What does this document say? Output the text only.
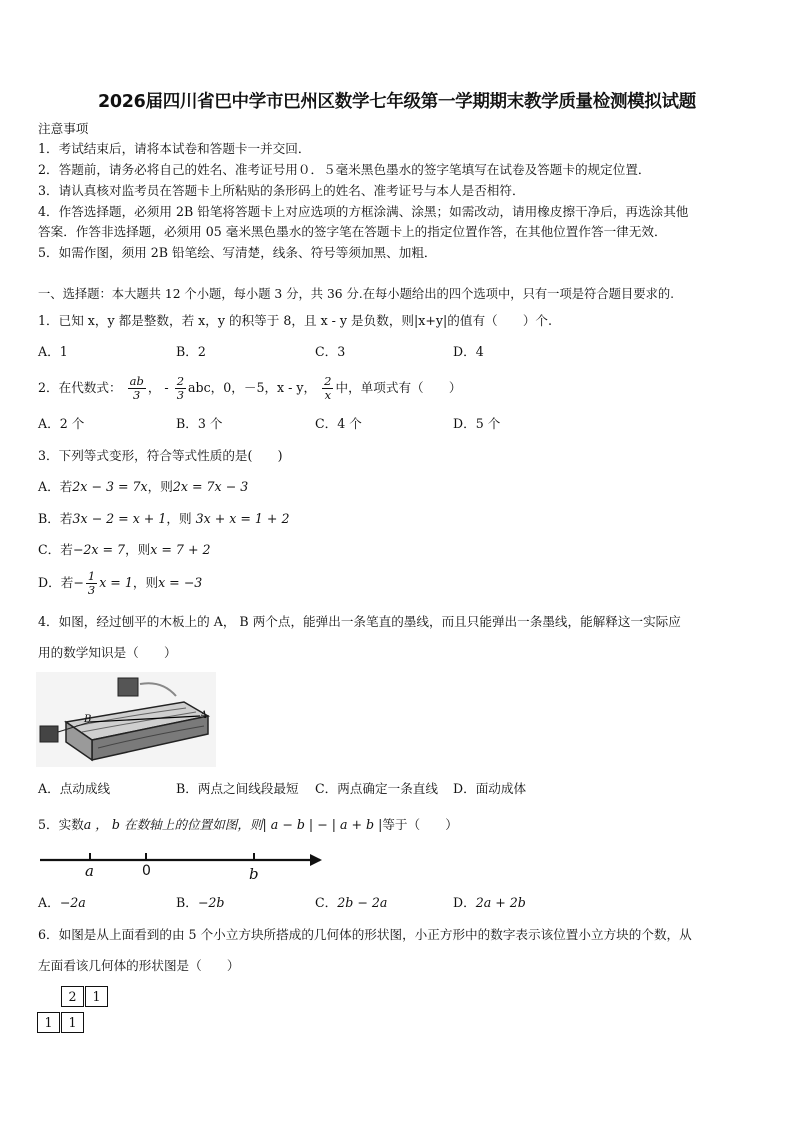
2026届四川省巴中学市巴州区数学七年级第一学期期末教学质量检测模拟试题
注意事项
1．考试结束后，请将本试卷和答题卡一并交回．
2．答题前，请务必将自己的姓名、准考证号用０．５毫米黑色墨水的签字笔填写在试卷及答题卡的规定位置．
3．请认真核对监考员在答题卡上所粘贴的条形码上的姓名、准考证号与本人是否相符．
4．作答选择题，必须用 2B 铅笔将答题卡上对应选项的方框涂满、涂黑；如需改动，请用橡皮擦干净后，再选涂其他
答案．作答非选择题，必须用 05 毫米黑色墨水的签字笔在答题卡上的指定位置作答，在其他位置作答一律无效．
5．如需作图，须用 2B 铅笔绘、写清楚，线条、符号等须加黑、加粗．
一、选择题：本大题共 12 个小题，每小题 3 分，共 36 分.在每小题给出的四个选项中，只有一项是符合题目要求的.
1．已知 x，y 都是整数，若 x，y 的积等于 8，且 x - y 是负数，则|x+y|的值有（　　）个.
A．1	B．2	C．3	D．4
2．在代数式： $\frac{ab}{3}$ ， - $\frac{2}{3}$ abc，0，－5，x - y， $\frac{2}{x}$ 中，单项式有（　　）
A．2 个	B．3 个	C．4 个	D．5 个
3．下列等式变形，符合等式性质的是(　　)
A．若2x − 3 = 7x，则2x = 7x − 3
B．若3x − 2 = x + 1，则 3x + x = 1 + 2
C．若−2x = 7，则x = 7 + 2
D．若− $\frac{1}{3}$ x = 1，则x = −3
4．如图，经过刨平的木板上的 A， B 两个点，能弹出一条笔直的墨线，而且只能弹出一条墨线，能解释这一实际应
用的数学知识是（　　）
A
B
A．点动成线	B．两点之间线段最短 C．两点确定一条直线 D．面动成体
5．实数a ， b 在数轴上的位置如图，则| a − b | − | a + b |等于（　　）
a	0	b
A．−2a	B．−2b	C．2b − 2a	D．2a + 2b
6．如图是从上面看到的由 5 个小立方块所搭成的几何体的形状图，小正方形中的数字表示该位置小立方块的个数，从
左面看该几何体的形状图是（　　）
2	1
1	1
